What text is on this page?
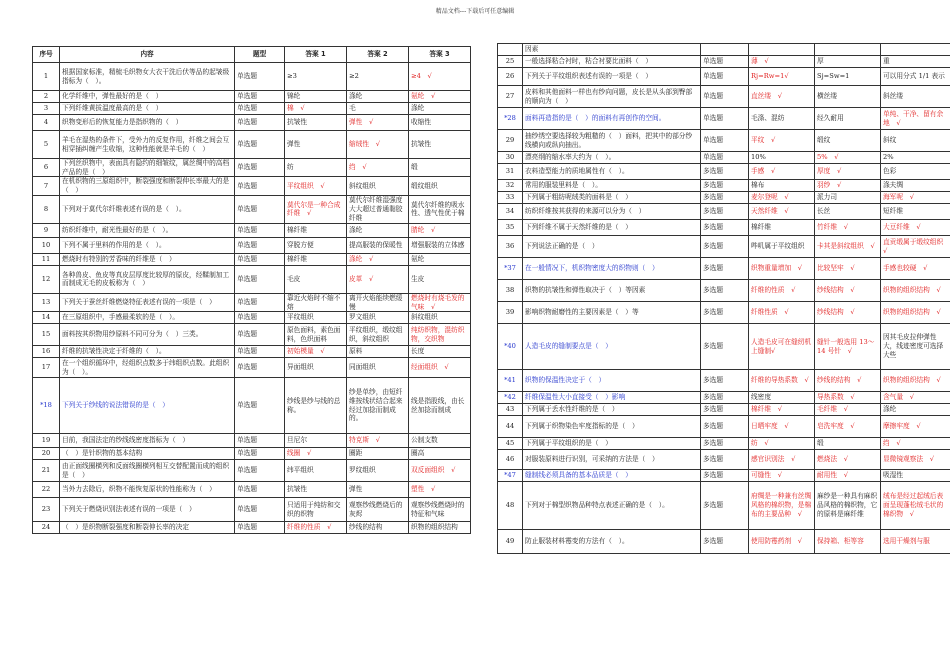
精品文档---下载后可任意编辑
序号	内容	题型	答案 1	答案 2	答案 3
1	根据国家标准，精梳毛织物女大衣干洗后伏等品的起皱级指标为（　）。	单选题	≥3	≥2	≥4　√
2	化学纤维中，弹性最好的是（　）	单选题	锦纶	涤纶	氨纶　√
3	下列纤维黄拔温度最高的是（　）	单选题	棉　√	毛	涤纶
4	织物变形后的恢复能力是指织物的（　）	单选题	抗皱性	弹性　√	收缩性
5	羊毛在湿热的条件下，受外力的反复作用，纤维之间会互相穿插纠缠产生收缩，这种性能就是羊毛的（　）	单选题	弹性	缩绒性　√	抗皱性
6	下列丝织物中，表面具有隐约的细皱纹，属丝绸中的高档产品的是（　）	单选题	纺	绉　√	缎
7	在机织物的三原组织中，断裂强度和断裂伸长率最大的是（　）	单选题	平纹组织　√	斜纹组织	缎纹组织
8	下列对于莫代尔纤维表述有误的是（　）。	单选题	莫代尔是一种合成纤维　√	莫代尔纤维湿强度大大超过普通黏胶纤维	莫代尔纤维的吸水性、透气性优于棉
9	纺织纤维中，耐光性最好的是（　）。	单选题	棉纤维	涤纶	腈纶　√
10	下列不属于里料的作用的是（　）。	单选题	穿脱方便	提高服装的保暖性	增强服装的立体感
11	燃烧时有特别的芳香味的纤维是（　）	单选题	棉纤维	涤纶　√	氨纶
12	各种兽皮、鱼皮等真皮层厚度比较厚的原皮，经鞣制加工而制成无毛的皮板称为（　）	单选题	毛皮	皮革　√	生皮
13	下列关于蚕丝纤维燃烧特征表述有误的一项是（　）	单选题	靠近火焰时不缩不熔	离开火焰能续燃缓慢	燃烧时有烧毛发的气味　√
14	在三原组织中，手感最柔软的是（　）。	单选题	平纹组织	罗文组织	斜纹组织
15	面料按其织物用纱原料不同可分为（　）三类。	单选题	原色面料，素色面料，色织面料	平纹组织，缎纹组织，斜纹组织	纯纺织物，混纺织物，交织物
16	纤维的抗皱性决定于纤维的（　）。	单选题	初始模量　√	原料	长度
17	在一个组织循环中，经组织点数多于纬组织点数。此组织为（　）。	单选题	异面组织	同面组织	经面组织　√
*18	下列关于纱线的说法错误的是（　）	单选题	纱线是纱与线的总称。	纱是单纱，由短纤维按线状结合起来经过加捻而制成的。	线是指股线，由长丝加捻而制成
19	目前，我国法定的纱线线密度指标为（　）	单选题	旦尼尔	特克斯　√	公制支数
20	（　）是针织物的基本结构	单选题	线圈　√	圈距	圈高
21	由正面线圈横列和反面线圈横列相互交替配置而成的组织是（　）	单选题	纬平组织	罗纹组织	双反面组织　√
22	当外力去除后，织物不能恢复原状的性能称为（　）	单选题	抗皱性	弹性	塑性　√
23	下列关于燃烧识别法表述有误的一项是（　）	单选题	只适用于纯纺和交织的织物	观察纱线燃烧后的灰烬	观察纱线燃烧时的特征和气味
24	（　）是织物断裂强度和断裂伸长率的决定	单选题	纤维的性质　√	纱线的结构	织物的组织结构
	因素				
25	一般选择粘合衬时，粘合衬要比面料（　）	单选题	薄　√	厚	重
26	下列关于平纹组织表述有误的一项是（　）	单选题	Rj=Rw=1√	Sj=Sw=1	可以用分式 1/1 表示
27	皮料和其他面料一样也有纱向问题，皮长是从头部到臀部的顺向为（　）	单选题	直丝缕　√	横丝缕	斜丝缕
*28	面料再造指的是（　）的面料有再创作的空间。	单选题	毛涤、混纺	经久耐用	单纯、干净、留有余地　√
29	抽纱绣空要选择较为粗糙的（　）面料，把其中的部分纱线横向或纵向抽出。	单选题	平纹　√	缎纹	斜纹
30	漂亮纲的缩水率大约为（　）。	单选题	10%	5%　√	2%
31	衣料造型能力的质地属性有（　）。	多选题	手感　√	厚度　√	色彩
32	常用的服装里料是（　）。	多选题	棉布	羽纱　√	涤夫绸
33	下列属于粗纺呢绒类的面料是（　）	多选题	麦尔登呢　√	派力司	海军呢　√
34	纺织纤维按其获得的来源可以分为（　）	多选题	天然纤维　√	长丝	短纤维
35	下列纤维不属于天然纤维的是（　）	多选题	棉纤维	竹纤维　√	大豆纤维　√
36	下列说法正确的是（　）	多选题	哔叽属于平纹组织	卡其是斜纹组织　√	直贡缎属于缎纹组织　√
*37	在一般情况下，机织物密度大的织物则（　）	多选题	织物重量增加　√	比较坚牢　√	手感也较硬　√
38	织物的抗皱性和弹性取决于（　）等因素	多选题	纤维的性质　√	纱线结构　√	织物的组织结构　√
39	影响织物耐磨性的主要因素是（　）等	多选题	纤维性质　√	纱线结构　√	织物的组织结构　√
*40	人造毛皮的缝制要点是（　）	多选题	人造毛皮可在缝纫机上缝制√	缝针一般选用 13～14 号针　√	因其毛皮拉伸弹性大，线迹密度可选择大些
*41	织物的保温性决定于（　）	多选题	纤维的导热系数　√	纱线的结构　√	织物的组织结构　√
*42	纤维保温性大小直接受（　）影响	多选题	线密度	导热系数　√	含气量　√
43	下列属于丢水性纤维的是（　）	多选题	棉纤维　√	毛纤维　√	涤纶
44	下列属于织物染色牢度指标的是（　）	多选题	日晒牢度　√	皂洗牢度　√	摩擦牢度　√
45	下列属于平纹组织的是（　）	多选题	纺　√	缎	绉　√
46	对服装原料进行识别，可采纳的方法是（　）	多选题	感官识别法　√	燃烧法　√	显微镜观察法　√
*47	缝制线必须具备的基本品质是（　）	多选题	可缝性　√	耐用性　√	吸湿性
48	下列对于棉型织物品种特点表述正确的是（　）。	多选题	府绸是一种兼有丝绸风格的棉织物，是棉布的主要品种　√	麻纱是一种具有麻织品风格的棉织物，它的原料是麻纤维	绒布是经过起绒后表面呈现蓬松绒毛状的棉织物　√
49	防止服装材料霉变的方法有（　）。	多选题	使用防霉药剂　√	保持箱、柜等容	选用干燥剂与服
